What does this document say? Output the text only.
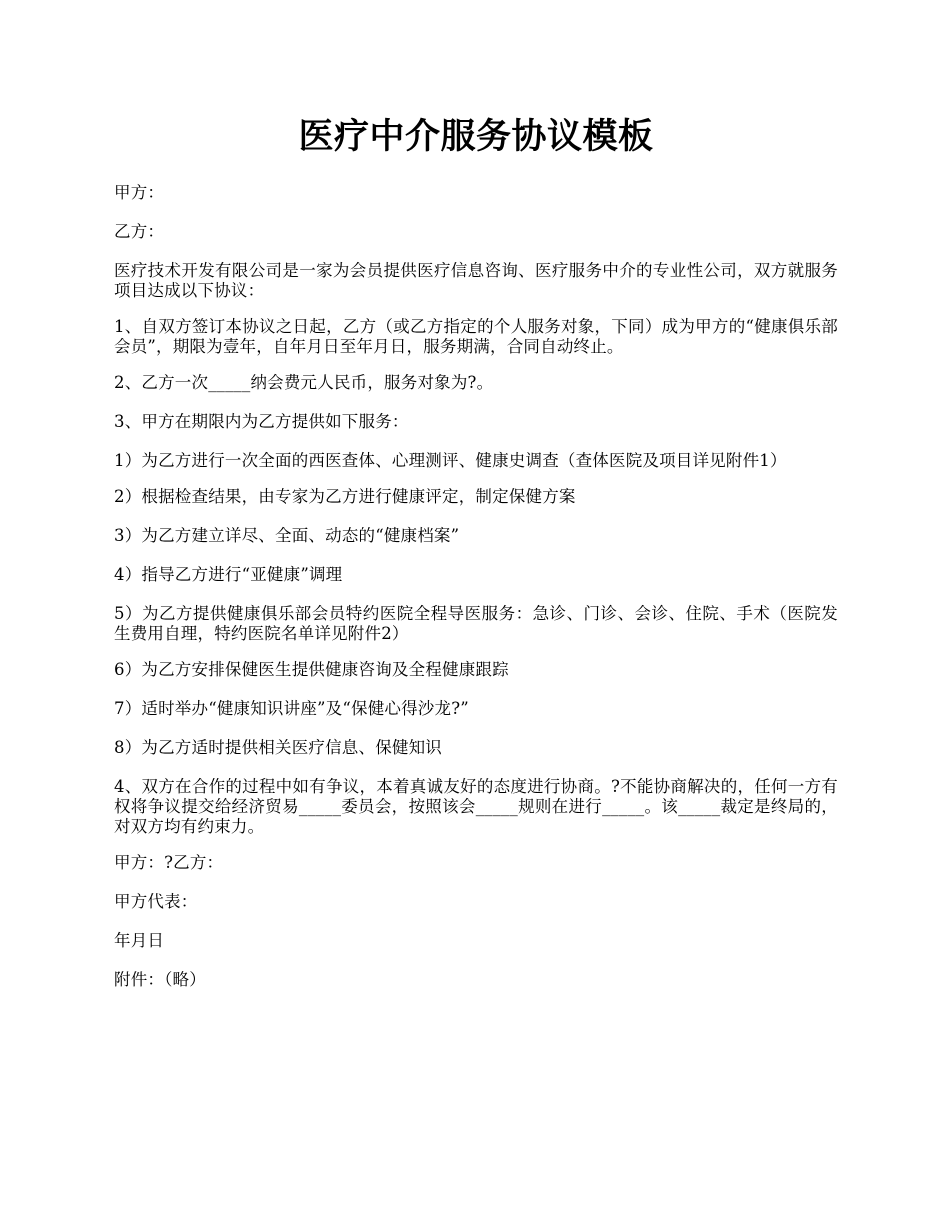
医疗中介服务协议模板

甲方：

乙方：

医疗技术开发有限公司是一家为会员提供医疗信息咨询、医疗服务中介的专业性公司，双方就服务项目达成以下协议：

1、自双方签订本协议之日起，乙方（或乙方指定的个人服务对象，下同）成为甲方的“健康俱乐部会员”，期限为壹年，自年月日至年月日，服务期满，合同自动终止。

2、乙方一次_____纳会费元人民币，服务对象为?。

3、甲方在期限内为乙方提供如下服务：

1）为乙方进行一次全面的西医查体、心理测评、健康史调查（查体医院及项目详见附件1）

2）根据检查结果，由专家为乙方进行健康评定，制定保健方案

3）为乙方建立详尽、全面、动态的“健康档案”

4）指导乙方进行“亚健康”调理

5）为乙方提供健康俱乐部会员特约医院全程导医服务：急诊、门诊、会诊、住院、手术（医院发生费用自理，特约医院名单详见附件2）

6）为乙方安排保健医生提供健康咨询及全程健康跟踪

7）适时举办“健康知识讲座”及“保健心得沙龙?”

8）为乙方适时提供相关医疗信息、保健知识

4、双方在合作的过程中如有争议，本着真诚友好的态度进行协商。?不能协商解决的，任何一方有权将争议提交给经济贸易_____委员会，按照该会_____规则在进行_____。该_____裁定是终局的，对双方均有约束力。

甲方：?乙方：

甲方代表：

年月日

附件：（略）
